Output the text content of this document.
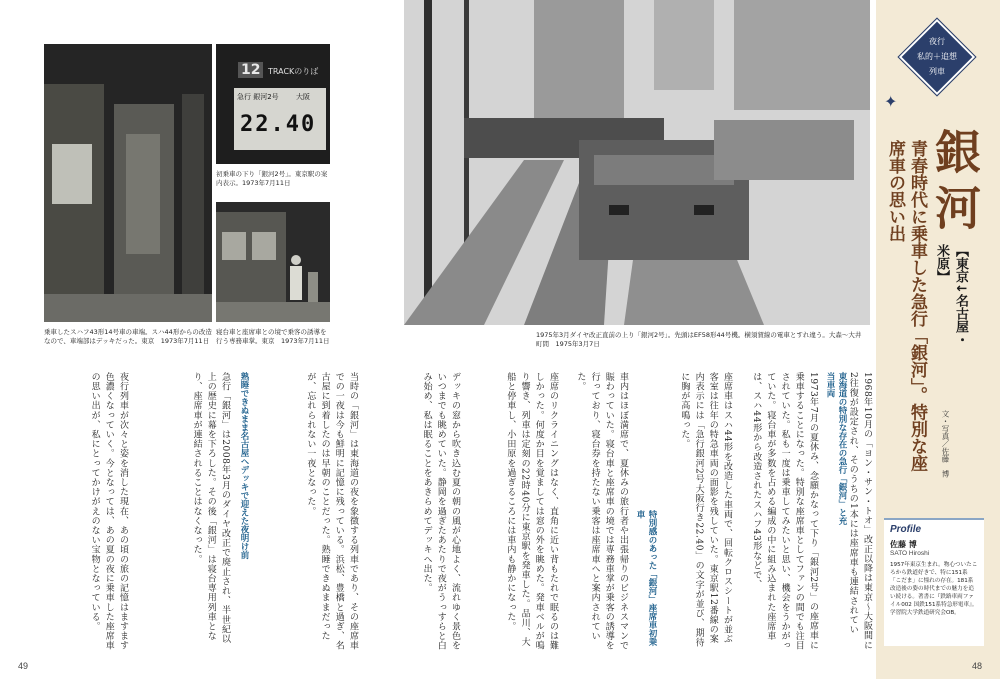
乗車したスハフ43形14号車の車端。スハ44形からの改造なので、車端部はデッキだった。東京　1973年7月11日
12 TRACKのりば
急行 銀河2号 大阪
22.40
初乗車の下り「銀河2号」。東京駅の案内表示。1973年7月11日
寝台車と座席車との境で乗客の誘導を行う専務車掌。東京　1973年7月11日
1975年3月ダイヤ改正直前の上り「銀河2号」。先頭はEF58形44号機。横須賀線の電車とすれ違う。大森〜大井町間　1975年3月7日
夜行列車が次々と姿を消した現在、あの頃の旅の記憶はますます色濃くなっていく。今となっては、あの夏の夜に乗車した座席車の思い出が、私にとってかけがえのない宝物となっている。	急行「銀河」は2008年3月のダイヤ改正で廃止され、半世紀以上の歴史に幕を下ろした。その後「銀河」は寝台専用列車となり、座席車が連結されることはなくなった。	熟睡できぬまま名古屋へデッキで迎えた夜明け前	当時の「銀河」は東海道の夜を象徴する列車であり、その座席車での一夜は今も鮮明に記憶に残っている。浜松、豊橋と過ぎ、名古屋に到着したのは早朝のことだった。熟睡できぬままだったが、忘れられない一夜となった。	デッキの窓から吹き込む夏の朝の風が心地よく、流れゆく景色をいつまでも眺めていた。静岡を過ぎたあたりで夜がうっすらと白み始め、私は眠ることをあきらめてデッキへ出た。	座席のリクライニングはなく、直角に近い背もたれで眠るのは難しかった。何度か目を覚ましては窓の外を眺めた。発車ベルが鳴り響き、列車は定刻の22時40分に東京駅を発車した。品川、大船と停車し、小田原を過ぎるころには車内も静かになった。	車内はほぼ満席で、夏休みの旅行者や出張帰りのビジネスマンで賑わっていた。寝台車と座席車の境では専務車掌が乗客の誘導を行っており、寝台券を持たない乗客は座席車へと案内されていた。
特別感のあった「銀河」座席車初乗車	座席車はスハ44形を改造した車両で、回転クロスシートが並ぶ客室は往年の特急車両の面影を残していた。東京駅12番線の案内表示には「急行銀河2号大阪行き22.40」の文字が並び、期待に胸が高鳴った。	1973年7月の夏休み、念願かなって下り「銀河2号」の座席車に乗車することになった。特別な座席車としてファンの間でも注目されていた。私も一度は乗車してみたいと思い、機会をうかがっていた。寝台車が多数を占める編成の中に組み込まれた座席車は、スハ44形から改造されたスハフ43形などで、	東海道の特別な存在の急行「銀河」と充当車両	1968年10月の「ヨン・サン・トオ」改正以降は東京〜大阪間に2往復が設定され、そのうちの1本には座席車も連結されてい
夜行
私的＋追想
列車
✦
銀河
【東京↓名古屋・米原】
青春時代に乗車した急行「銀河」。特別な座席車の思い出
文・写真／佐藤　博
Profile
佐藤 博
SATO Hiroshi
1957年東京生まれ。物心ついたころから鉄道好きで、特に151系「こだま」に憧れの存在。181系改造後の姿の時代までの魅力を追い続ける。著書に『鉄路車両ファイル002 国鉄151系特急形電車』。学習院大学鉄道研究会OB。
49	48
